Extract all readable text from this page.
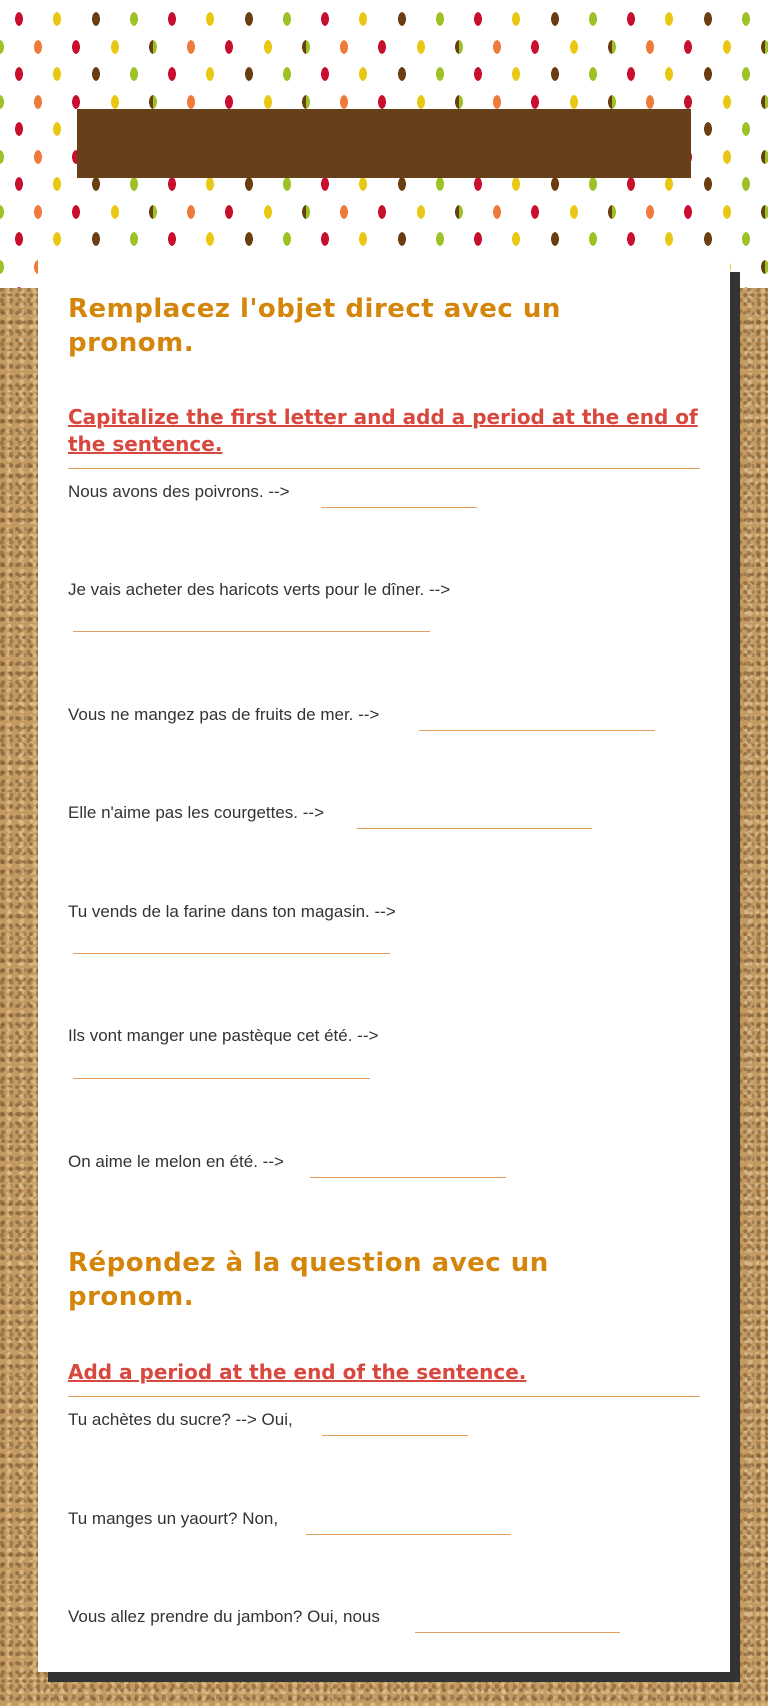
Remplacez l'objet direct avec un pronom.
Capitalize the first letter and add a period at the end of the sentence.
Nous avons des poivrons. -->
Je vais acheter des haricots verts pour le dîner. -->
Vous ne mangez pas de fruits de mer. -->
Elle n'aime pas les courgettes. -->
Tu vends de la farine dans ton magasin. -->
Ils vont manger une pastèque cet été. -->
On aime le melon en été. -->
Répondez à la question avec un pronom.
Add a period at the end of the sentence.
Tu achètes du sucre? --> Oui,
Tu manges un yaourt? Non,
Vous allez prendre du jambon? Oui, nous
